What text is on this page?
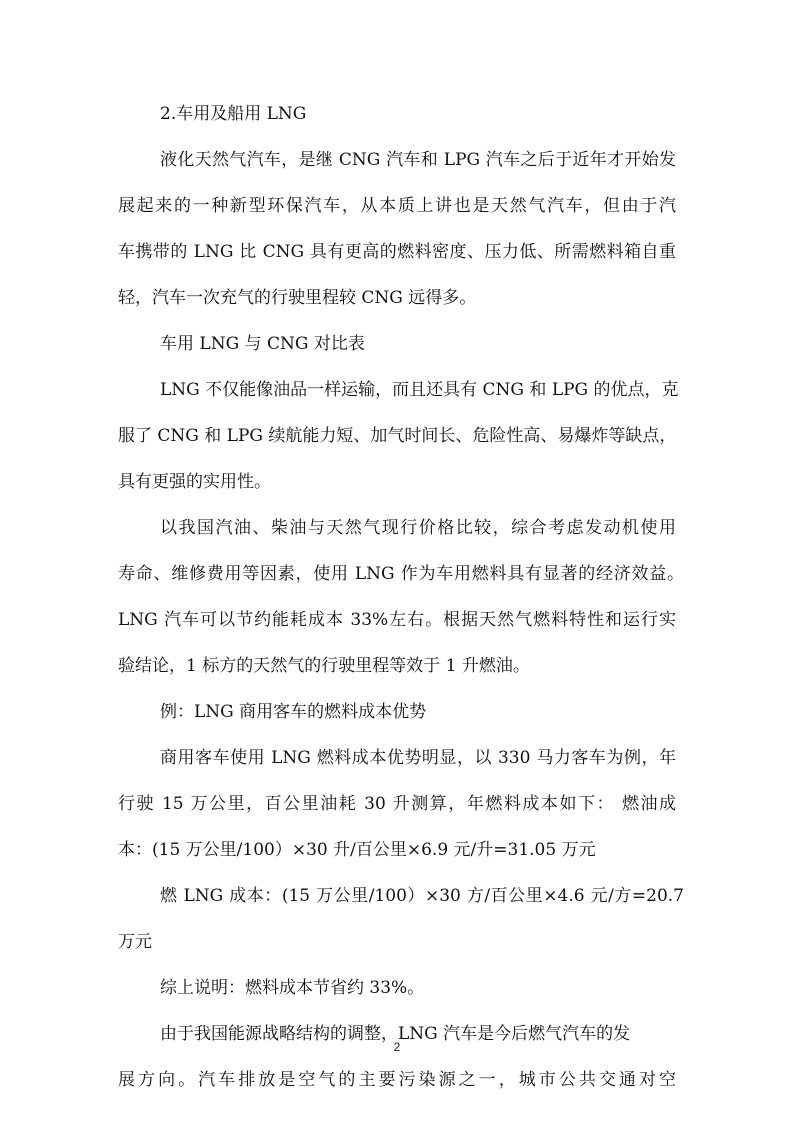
2.车用及船用 LNG
液化天然气汽车，是继 CNG 汽车和 LPG 汽车之后于近年才开始发
展起来的一种新型环保汽车，从本质上讲也是天然气汽车，但由于汽
车携带的 LNG 比 CNG 具有更高的燃料密度、压力低、所需燃料箱自重
轻，汽车一次充气的行驶里程较 CNG 远得多。
车用 LNG 与 CNG 对比表
LNG 不仅能像油品一样运输，而且还具有 CNG 和 LPG 的优点，克
服了 CNG 和 LPG 续航能力短、加气时间长、危险性高、易爆炸等缺点，
具有更强的实用性。
以我国汽油、柴油与天然气现行价格比较，综合考虑发动机使用
寿命、维修费用等因素，使用 LNG 作为车用燃料具有显著的经济效益。
LNG 汽车可以节约能耗成本 33%左右。根据天然气燃料特性和运行实
验结论，1 标方的天然气的行驶里程等效于 1 升燃油。
例：LNG 商用客车的燃料成本优势
商用客车使用 LNG 燃料成本优势明显，以 330 马力客车为例，年
行驶 15 万公里，百公里油耗 30 升测算，年燃料成本如下： 燃油成
本：(15 万公里/100）×30 升/百公里×6.9 元/升=31.05 万元
燃 LNG 成本：(15 万公里/100）×30 方/百公里×4.6 元/方=20.7
万元
综上说明：燃料成本节省约 33%。
由于我国能源战略结构的调整，LNG 汽车是今后燃气汽车的发
展方向。汽车排放是空气的主要污染源之一，城市公共交通对空
2
